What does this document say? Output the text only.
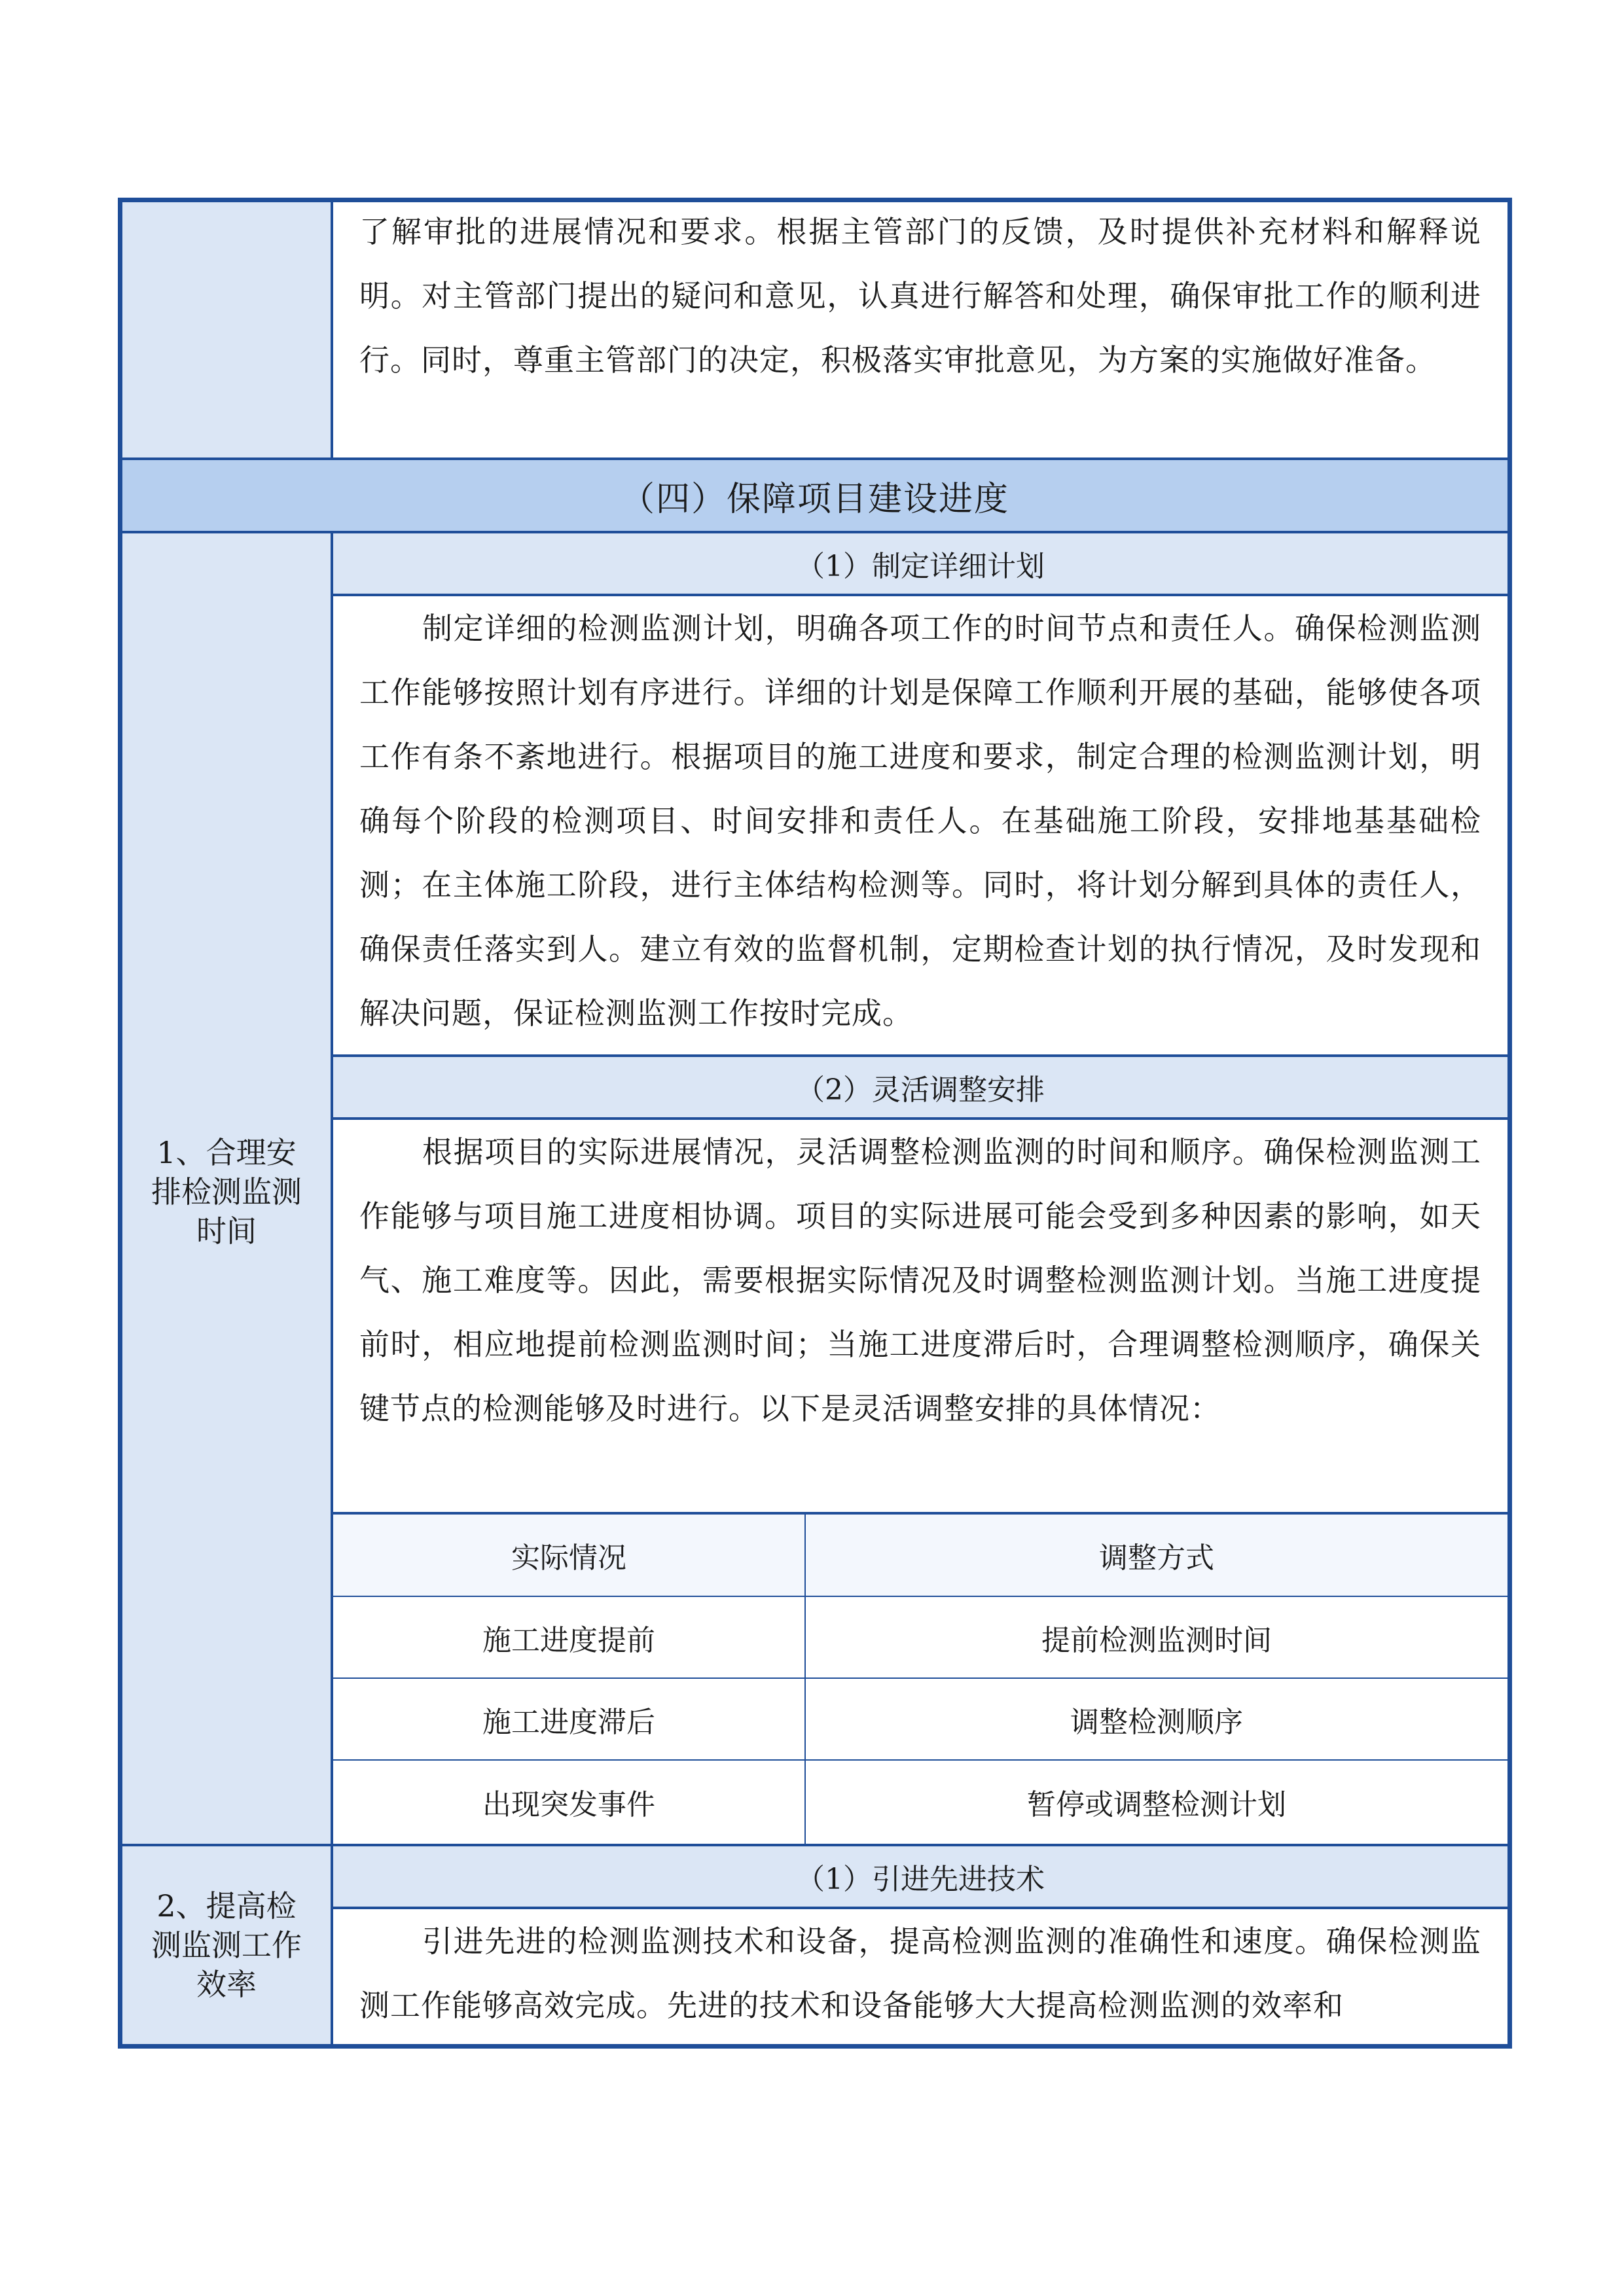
了解审批的进展情况和要求。根据主管部门的反馈，及时提供补充材料和解释说明。对主管部门提出的疑问和意见，认真进行解答和处理，确保审批工作的顺利进行。同时，尊重主管部门的决定，积极落实审批意见，为方案的实施做好准备。
（四）保障项目建设进度
1、合理安排检测监测时间
（1）制定详细计划
制定详细的检测监测计划，明确各项工作的时间节点和责任人。确保检测监测工作能够按照计划有序进行。详细的计划是保障工作顺利开展的基础，能够使各项工作有条不紊地进行。根据项目的施工进度和要求，制定合理的检测监测计划，明确每个阶段的检测项目、时间安排和责任人。在基础施工阶段，安排地基基础检测；在主体施工阶段，进行主体结构检测等。同时，将计划分解到具体的责任人，确保责任落实到人。建立有效的监督机制，定期检查计划的执行情况，及时发现和解决问题，保证检测监测工作按时完成。
（2）灵活调整安排
根据项目的实际进展情况，灵活调整检测监测的时间和顺序。确保检测监测工作能够与项目施工进度相协调。项目的实际进展可能会受到多种因素的影响，如天气、施工难度等。因此，需要根据实际情况及时调整检测监测计划。当施工进度提前时，相应地提前检测监测时间；当施工进度滞后时，合理调整检测顺序，确保关键节点的检测能够及时进行。以下是灵活调整安排的具体情况：
实际情况	调整方式
施工进度提前	提前检测监测时间
施工进度滞后	调整检测顺序
出现突发事件	暂停或调整检测计划
2、提高检测监测工作效率
（1）引进先进技术
引进先进的检测监测技术和设备，提高检测监测的准确性和速度。确保检测监测工作能够高效完成。先进的技术和设备能够大大提高检测监测的效率和
